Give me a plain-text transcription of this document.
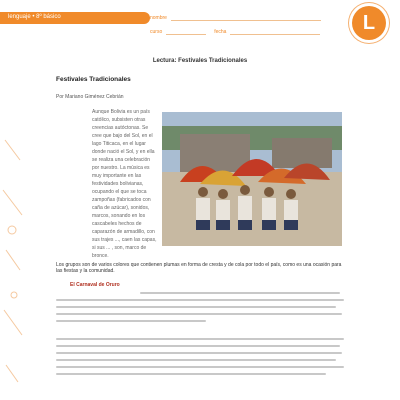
lenguaje • 8º básico	nombre
curso	fecha	L
Lectura: Festivales Tradicionales
Festivales Tradicionales
Por Mariano Giménez Cebrián
Aunque Bolivia es un país católico, subsisten otras creencias autóctonas. Se cree que bajo del Sol, en el lago Titicaca, en el lugar donde nació el Sol, y en ella se realiza una celebración por nuestro. La música es muy importante en las festividades bolivianas, ocupando el que se toca zampoñas (fabricados con caña de azúcar), sonidos, marcos, sonando en los cascabeles hechos de caparazón de armadillo, con sus trajes ..., caen las capas, si sus ... , son, marco de bronce.
Los grupos son de varios colores que contienen plumas en forma de cresta y de cola por todo el país, como es una ocasión para las fiestas y la comunidad.
El Carnaval de Oruro
